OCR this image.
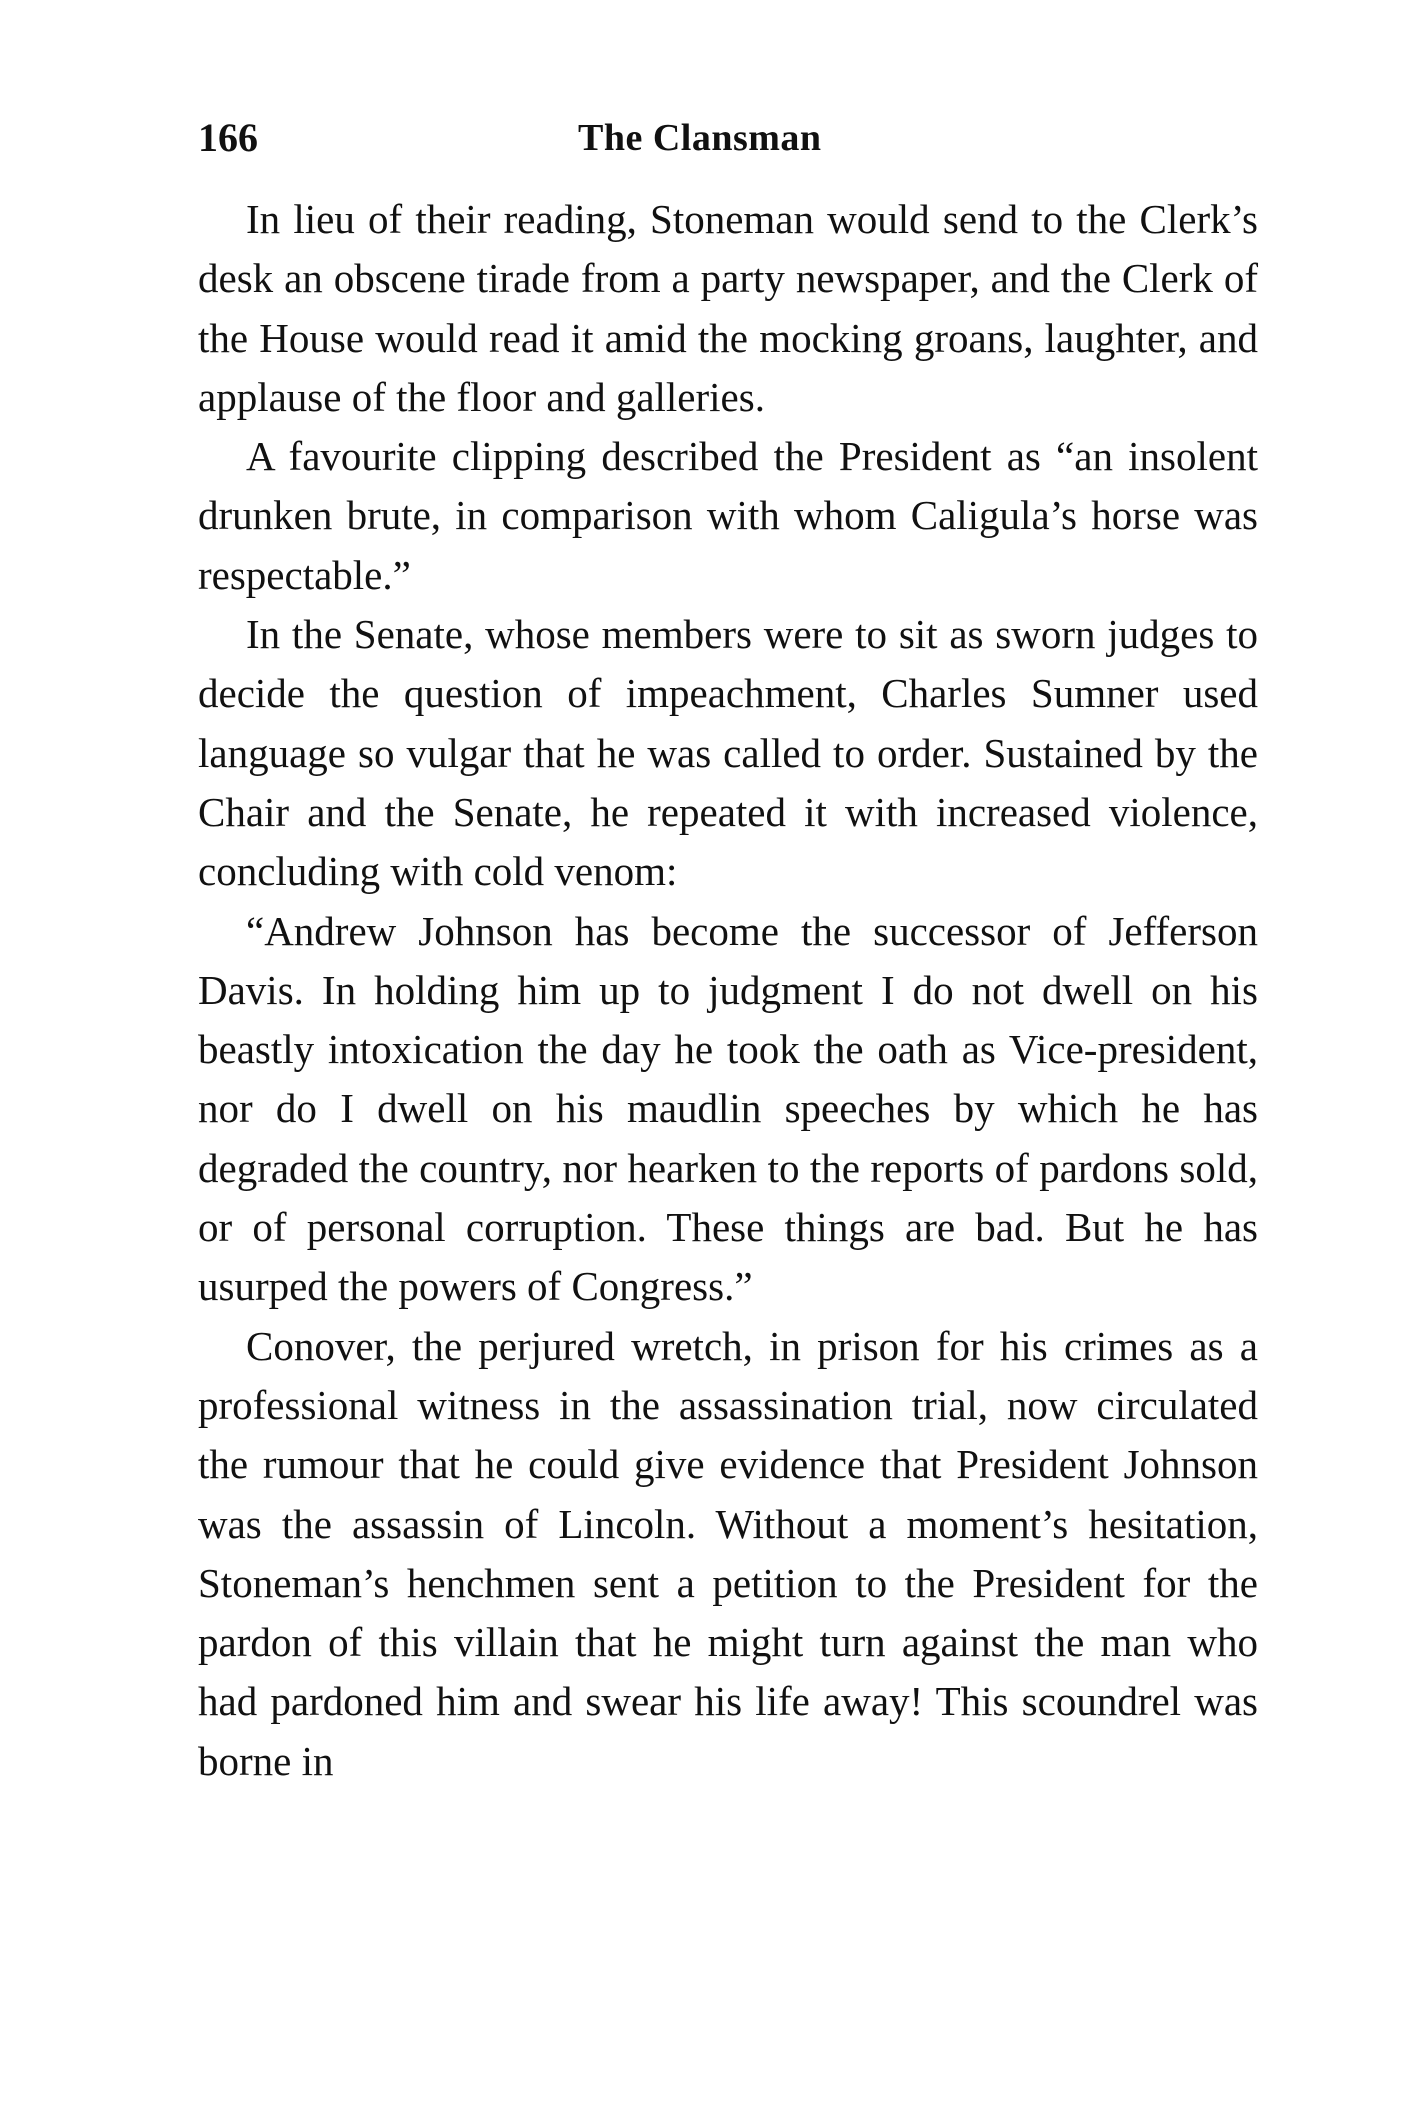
166	The Clansman

In lieu of their reading, Stoneman would send to the Clerk’s desk an obscene tirade from a party newspaper, and the Clerk of the House would read it amid the mocking groans, laughter, and applause of the floor and galleries.

A favourite clipping described the President as “an insolent drunken brute, in comparison with whom Caligula’s horse was respectable.”

In the Senate, whose members were to sit as sworn judges to decide the question of impeachment, Charles Sumner used language so vulgar that he was called to order. Sustained by the Chair and the Senate, he repeated it with increased violence, concluding with cold venom:

“Andrew Johnson has become the successor of Jefferson Davis. In holding him up to judgment I do not dwell on his beastly intoxication the day he took the oath as Vice-president, nor do I dwell on his maudlin speeches by which he has degraded the country, nor hearken to the reports of pardons sold, or of personal corruption. These things are bad. But he has usurped the powers of Congress.”

Conover, the perjured wretch, in prison for his crimes as a professional witness in the assassination trial, now circulated the rumour that he could give evidence that President Johnson was the assassin of Lincoln. Without a moment’s hesitation, Stoneman’s henchmen sent a petition to the President for the pardon of this villain that he might turn against the man who had pardoned him and swear his life away! This scoundrel was borne in
